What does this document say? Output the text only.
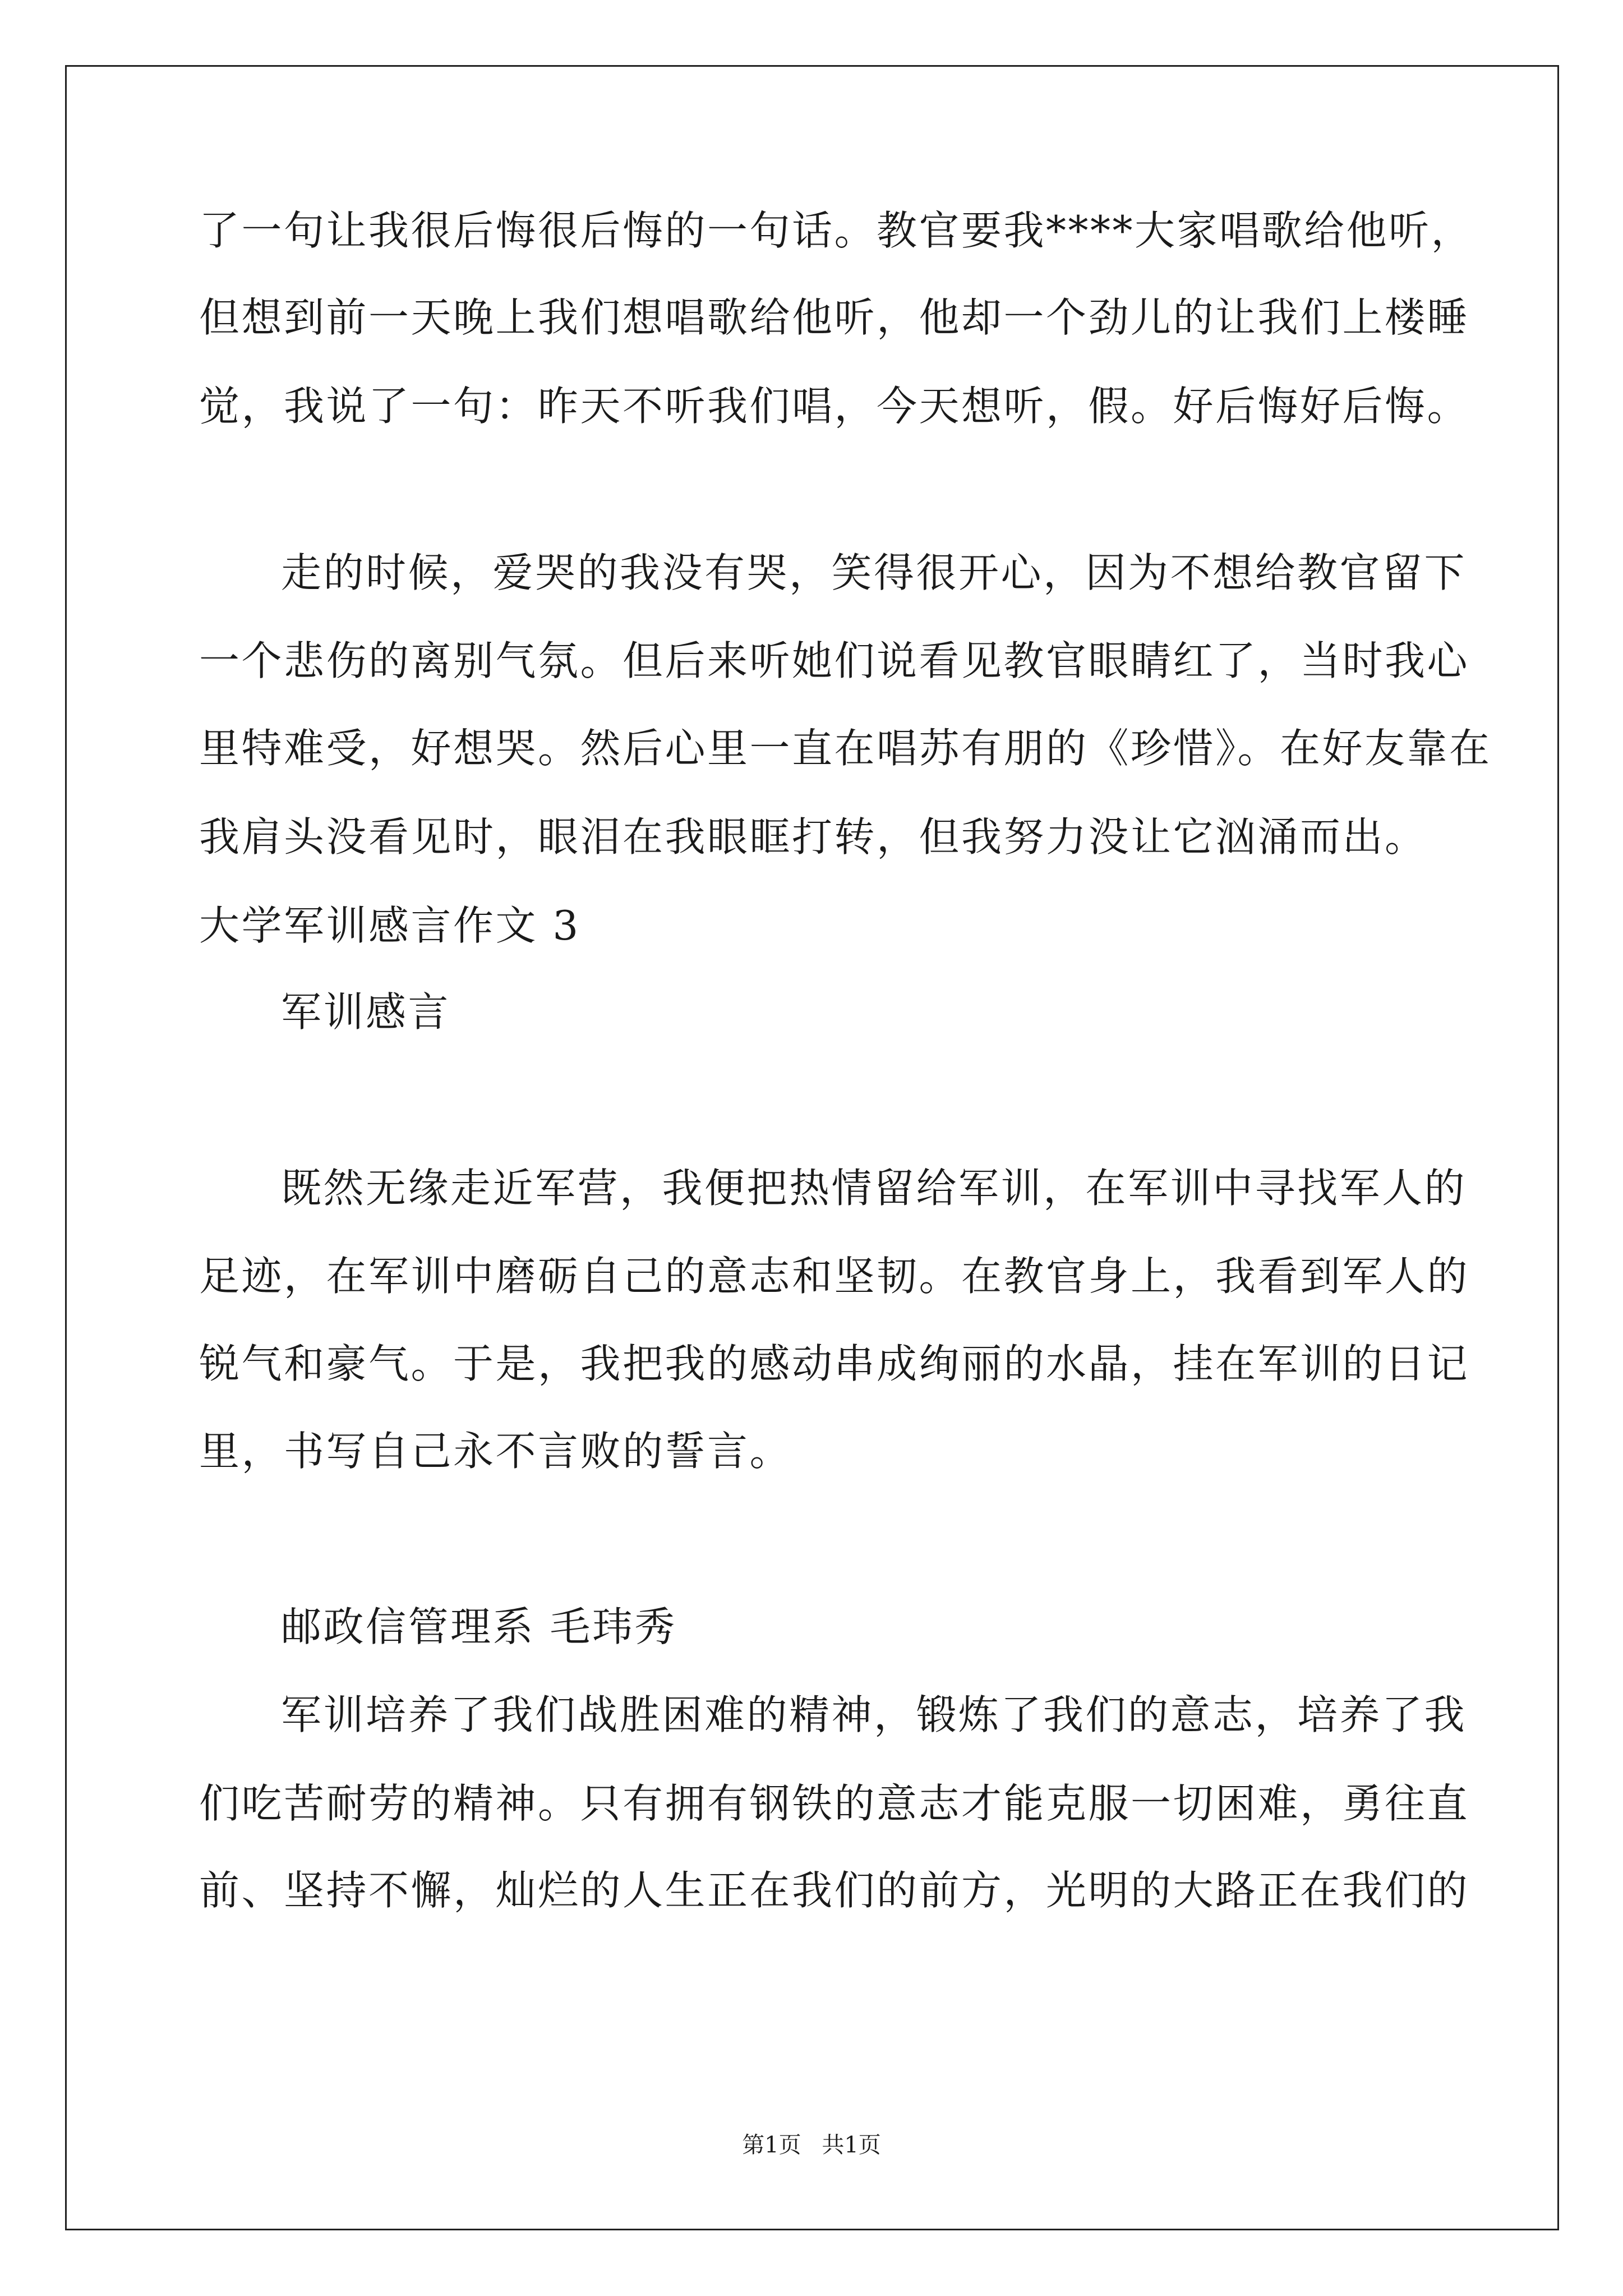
了一句让我很后悔很后悔的一句话。教官要我****大家唱歌给他听，
但想到前一天晚上我们想唱歌给他听，他却一个劲儿的让我们上楼睡
觉，我说了一句：昨天不听我们唱，今天想听，假。好后悔好后悔。
走的时候，爱哭的我没有哭，笑得很开心，因为不想给教官留下
一个悲伤的离别气氛。但后来听她们说看见教官眼睛红了，当时我心
里特难受，好想哭。然后心里一直在唱苏有朋的《珍惜》。在好友靠在
我肩头没看见时，眼泪在我眼眶打转，但我努力没让它汹涌而出。
大学军训感言作文 3
军训感言
既然无缘走近军营，我便把热情留给军训，在军训中寻找军人的
足迹，在军训中磨砺自己的意志和坚韧。在教官身上，我看到军人的
锐气和豪气。于是，我把我的感动串成绚丽的水晶，挂在军训的日记
里，书写自己永不言败的誓言。
邮政信管理系 毛玮秀
军训培养了我们战胜困难的精神，锻炼了我们的意志，培养了我
们吃苦耐劳的精神。只有拥有钢铁的意志才能克服一切困难，勇往直
前、坚持不懈，灿烂的人生正在我们的前方，光明的大路正在我们的
第1页 共1页
